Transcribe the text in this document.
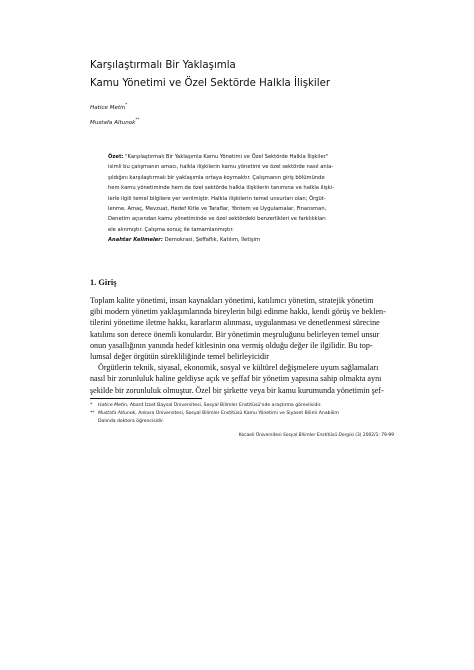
Karşılaştırmalı Bir Yaklaşımla
Kamu Yönetimi ve Özel Sektörde Halkla İlişkiler
Hatice Metin*
Mustafa Altunok**
Özet: "Karşılaştırmalı Bir Yaklaşımla Kamu Yönetimi ve Özel Sektörde Halkla İlişkiler"
isimli bu çalışmanın amacı, halkla ilişkilerin kamu yönetimi ve özel sektörde nasıl anla-
şıldığını karşılaştırmalı bir yaklaşımla ortaya koymaktır. Çalışmanın giriş bölümünde
hem kamu yönetiminde hem de özel sektörde halkla ilişkilerin tanımına ve halkla ilişki-
lerle ilgili temel bilgilere yer verilmiştir. Halkla ilişkilerin temel unsurları olan; Örgüt-
lenme, Amaç, Mevzuat, Hedef Kitle ve Taraflar, Yöntem ve Uygulamalar, Finansman,
Denetim açısından kamu yönetiminde ve özel sektördeki benzerlikleri ve farklılıkları
ele alınmıştır. Çalışma sonuç ile tamamlanmıştır.
Anahtar Kelimeler: Demokrasi, Şeffaflık, Katılım, İletişim
1. Giriş
Toplam kalite yönetimi, insan kaynakları yönetimi, katılımcı yönetim, stratejik yönetim
gibi modern yönetim yaklaşımlarında bireylerin bilgi edinme hakkı, kendi görüş ve beklen-
tilerini yönetime iletme hakkı, kararların alınması, uygulanması ve denetlenmesi sürecine
katılımı son derece önemli konulardır. Bir yönetimin meşruluğunu belirleyen temel unsur
onun yasallığının yanında hedef kitlesinin ona vermiş olduğu değer ile ilgilidir. Bu top-
lumsal değer örgütün sürekliliğinde temel belirleyicidir
Örgütlerin teknik, siyasal, ekonomik, sosyal ve kültürel değişmelere uyum sağlamaları
nasıl bir zorunluluk haline geldiyse açık ve şeffaf bir yönetim yapısına sahip olmakta aynı
şekilde bir zorunluluk olmuştur. Özel bir şirkette veya bir kamu kurumunda yönetimin şef-
* Hatice Metin, Abant İzzet Baysal Üniversitesi, Sosyal Bilimler Enstitüsü'nde araştırma görevlisidir.
** Mustafa Altunok, Ankara Üniversitesi, Sosyal Bilimler Enstitüsü Kamu Yönetimi ve Siyaset Bilimi Anabilim
Dalında doktora öğrencisidir.
Kocaeli Üniversitesi Sosyal Bilimler Enstitüsü Dergisi (3) 2002/1: 79-99
